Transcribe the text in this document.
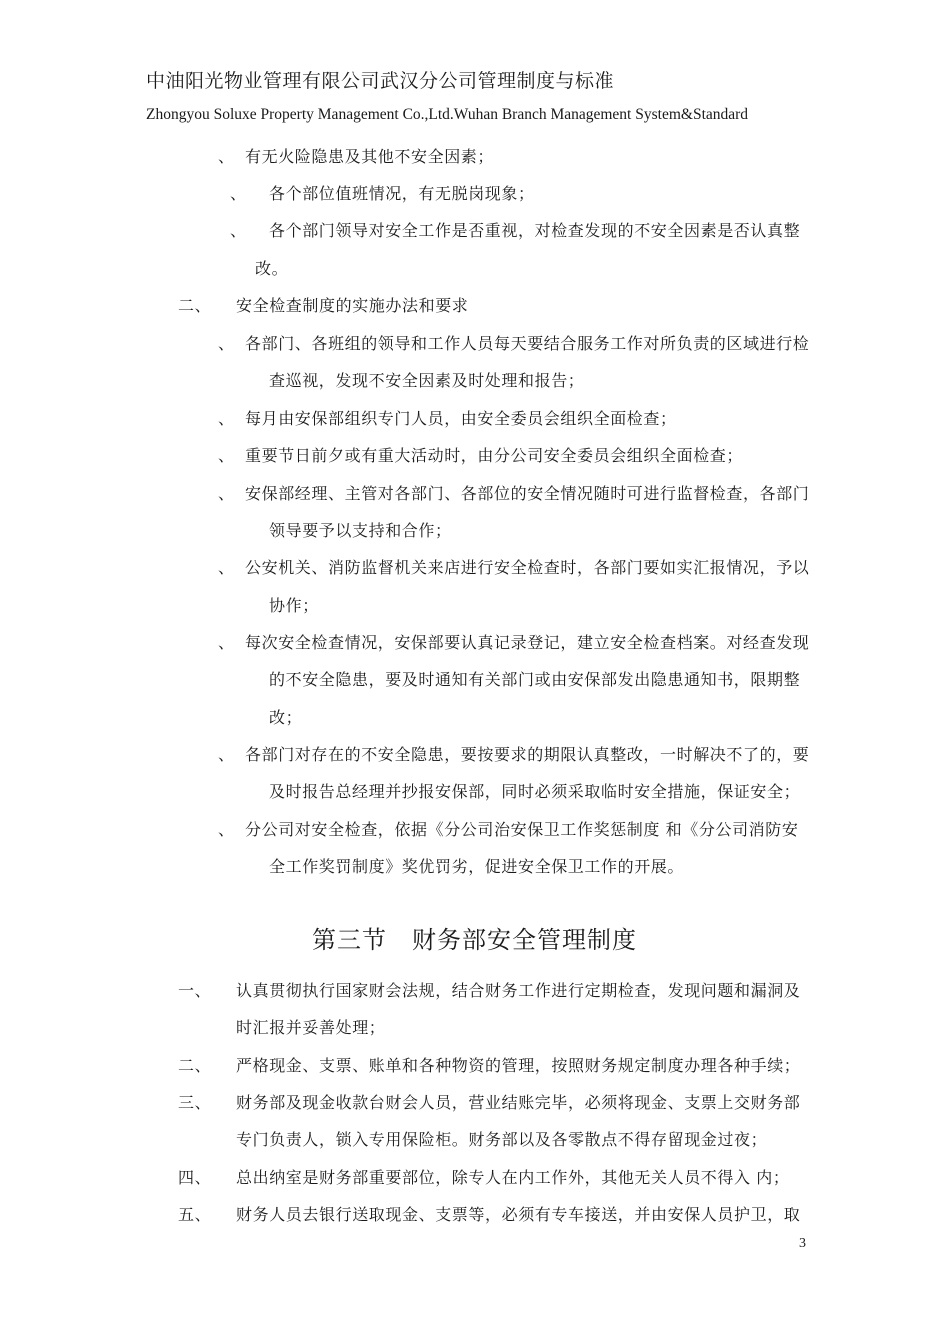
中油阳光物业管理有限公司武汉分公司管理制度与标准
Zhongyou Soluxe Property Management Co.,Ltd.Wuhan Branch Management System&Standard
、 有无火险隐患及其他不安全因素；
、 各个部位值班情况，有无脱岗现象；
、 各个部门领导对安全工作是否重视，对检查发现的不安全因素是否认真整
改。
二、 安全检查制度的实施办法和要求
、 各部门、各班组的领导和工作人员每天要结合服务工作对所负责的区域进行检
查巡视，发现不安全因素及时处理和报告；
、 每月由安保部组织专门人员，由安全委员会组织全面检查；
、 重要节日前夕或有重大活动时，由分公司安全委员会组织全面检查；
、 安保部经理、主管对各部门、各部位的安全情况随时可进行监督检查，各部门
领导要予以支持和合作；
、 公安机关、消防监督机关来店进行安全检查时，各部门要如实汇报情况，予以
协作；
、 每次安全检查情况，安保部要认真记录登记，建立安全检查档案。对经查发现
的不安全隐患，要及时通知有关部门或由安保部发出隐患通知书，限期整
改；
、 各部门对存在的不安全隐患，要按要求的期限认真整改，一时解决不了的，要
及时报告总经理并抄报安保部，同时必须采取临时安全措施，保证安全；
、 分公司对安全检查，依据《分公司治安保卫工作奖惩制度 和《分公司消防安
全工作奖罚制度》奖优罚劣，促进安全保卫工作的开展。
第三节　财务部安全管理制度
一、 认真贯彻执行国家财会法规，结合财务工作进行定期检查，发现问题和漏洞及
时汇报并妥善处理；
二、 严格现金、支票、账单和各种物资的管理，按照财务规定制度办理各种手续；
三、 财务部及现金收款台财会人员，营业结账完毕，必须将现金、支票上交财务部
专门负责人，锁入专用保险柜。财务部以及各零散点不得存留现金过夜；
四、 总出纳室是财务部重要部位，除专人在内工作外，其他无关人员不得入 内；
五、 财务人员去银行送取现金、支票等，必须有专车接送，并由安保人员护卫，取
3
